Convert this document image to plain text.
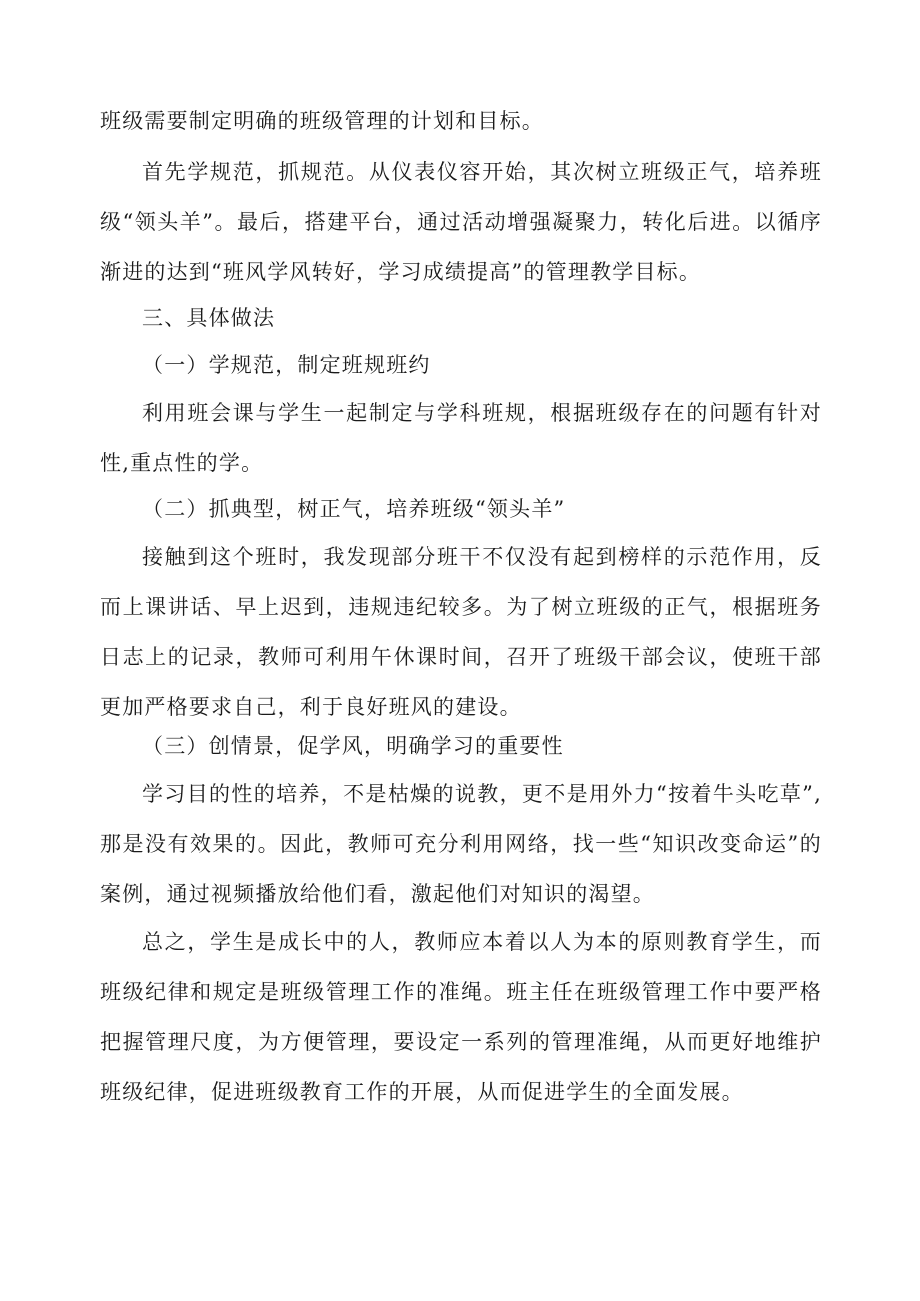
班级需要制定明确的班级管理的计划和目标。

首先学规范，抓规范。从仪表仪容开始，其次树立班级正气，培养班级“领头羊”。最后，搭建平台，通过活动增强凝聚力，转化后进。以循序渐进的达到“班风学风转好，学习成绩提高”的管理教学目标。

三、具体做法

（一）学规范，制定班规班约

利用班会课与学生一起制定与学科班规，根据班级存在的问题有针对性,重点性的学。

（二）抓典型，树正气，培养班级“领头羊”

接触到这个班时，我发现部分班干不仅没有起到榜样的示范作用，反而上课讲话、早上迟到，违规违纪较多。为了树立班级的正气，根据班务日志上的记录，教师可利用午休课时间，召开了班级干部会议，使班干部更加严格要求自己，利于良好班风的建设。

（三）创情景，促学风，明确学习的重要性

学习目的性的培养，不是枯燥的说教，更不是用外力“按着牛头吃草”,那是没有效果的。因此，教师可充分利用网络，找一些“知识改变命运”的案例，通过视频播放给他们看，激起他们对知识的渴望。

总之，学生是成长中的人，教师应本着以人为本的原则教育学生，而班级纪律和规定是班级管理工作的准绳。班主任在班级管理工作中要严格把握管理尺度，为方便管理，要设定一系列的管理准绳，从而更好地维护班级纪律，促进班级教育工作的开展，从而促进学生的全面发展。
